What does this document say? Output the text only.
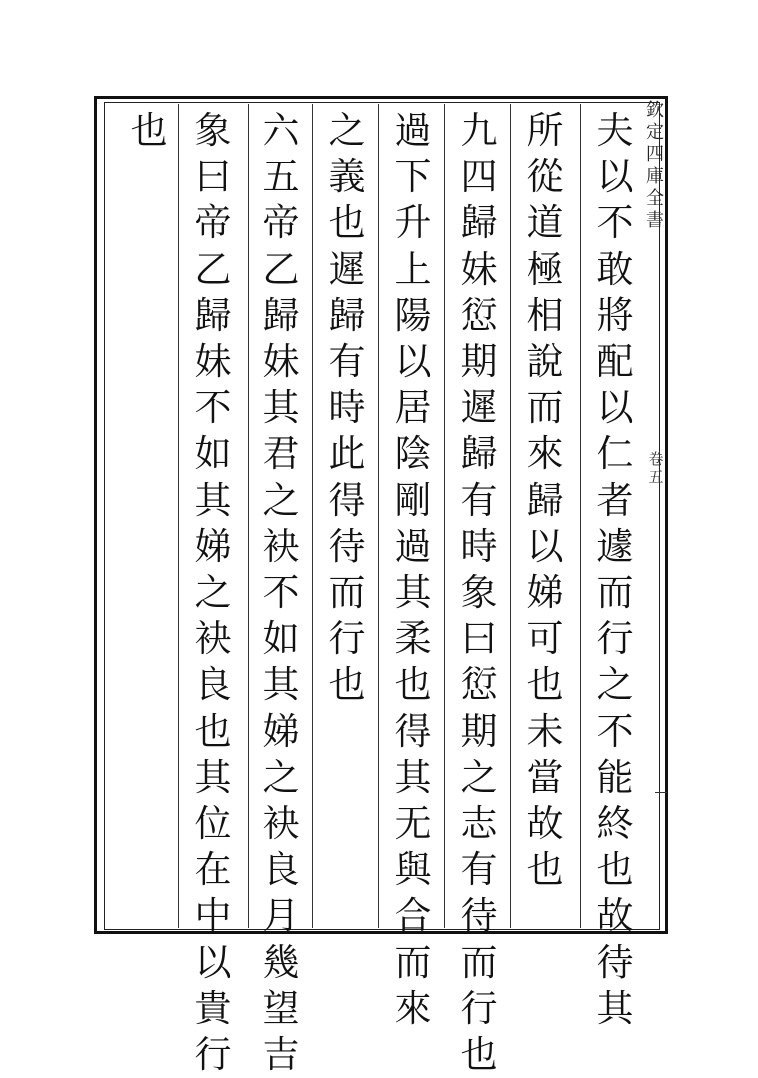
欽
定
四
庫
全
書
卷
五
夫
以
不
敢
將
配
以
仁
者
遽
而
行
之
不
能
終
也
故
待
其
所
從
道
極
相
說
而
來
歸
以
娣
可
也
未
當
故
也
九
四
歸
妹
愆
期
遲
歸
有
時
象
曰
愆
期
之
志
有
待
而
行
也
過
下
升
上
陽
以
居
陰
剛
過
其
柔
也
得
其
无
與
合
而
來
之
義
也
遲
歸
有
時
此
得
待
而
行
也
六
五
帝
乙
歸
妹
其
君
之
袂
不
如
其
娣
之
袂
良
月
幾
望
吉
象
曰
帝
乙
歸
妹
不
如
其
娣
之
袂
良
也
其
位
在
中
以
貴
行
也
